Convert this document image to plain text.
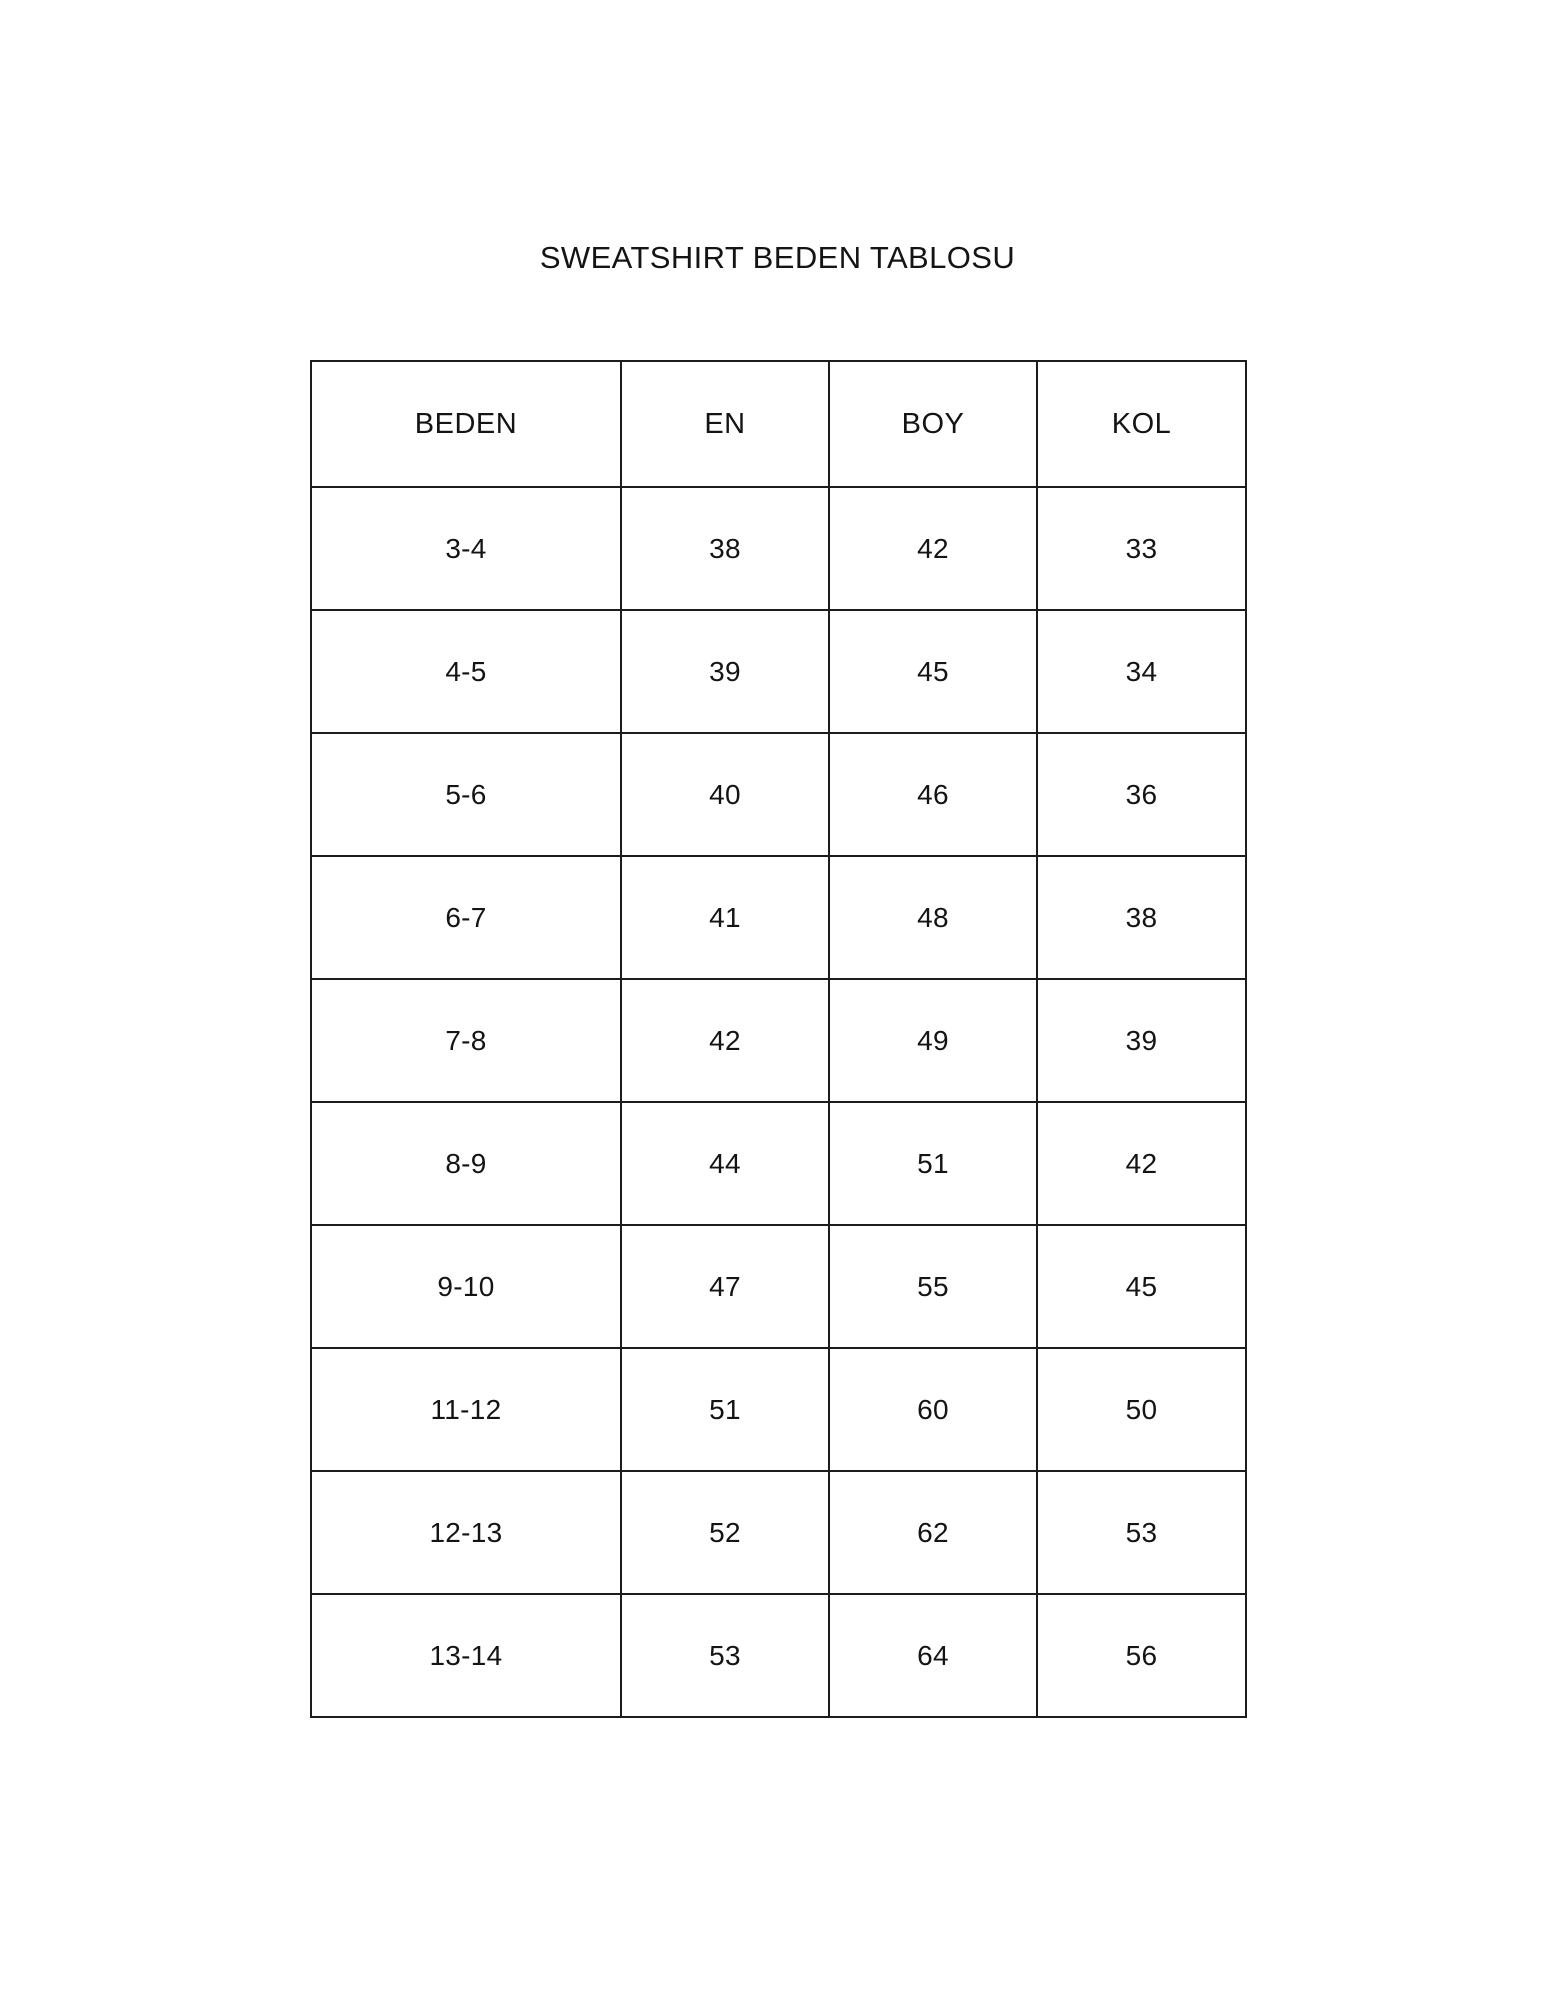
SWEATSHIRT BEDEN TABLOSU
BEDEN	EN	BOY	KOL
3-4	38	42	33
4-5	39	45	34
5-6	40	46	36
6-7	41	48	38
7-8	42	49	39
8-9	44	51	42
9-10	47	55	45
11-12	51	60	50
12-13	52	62	53
13-14	53	64	56
